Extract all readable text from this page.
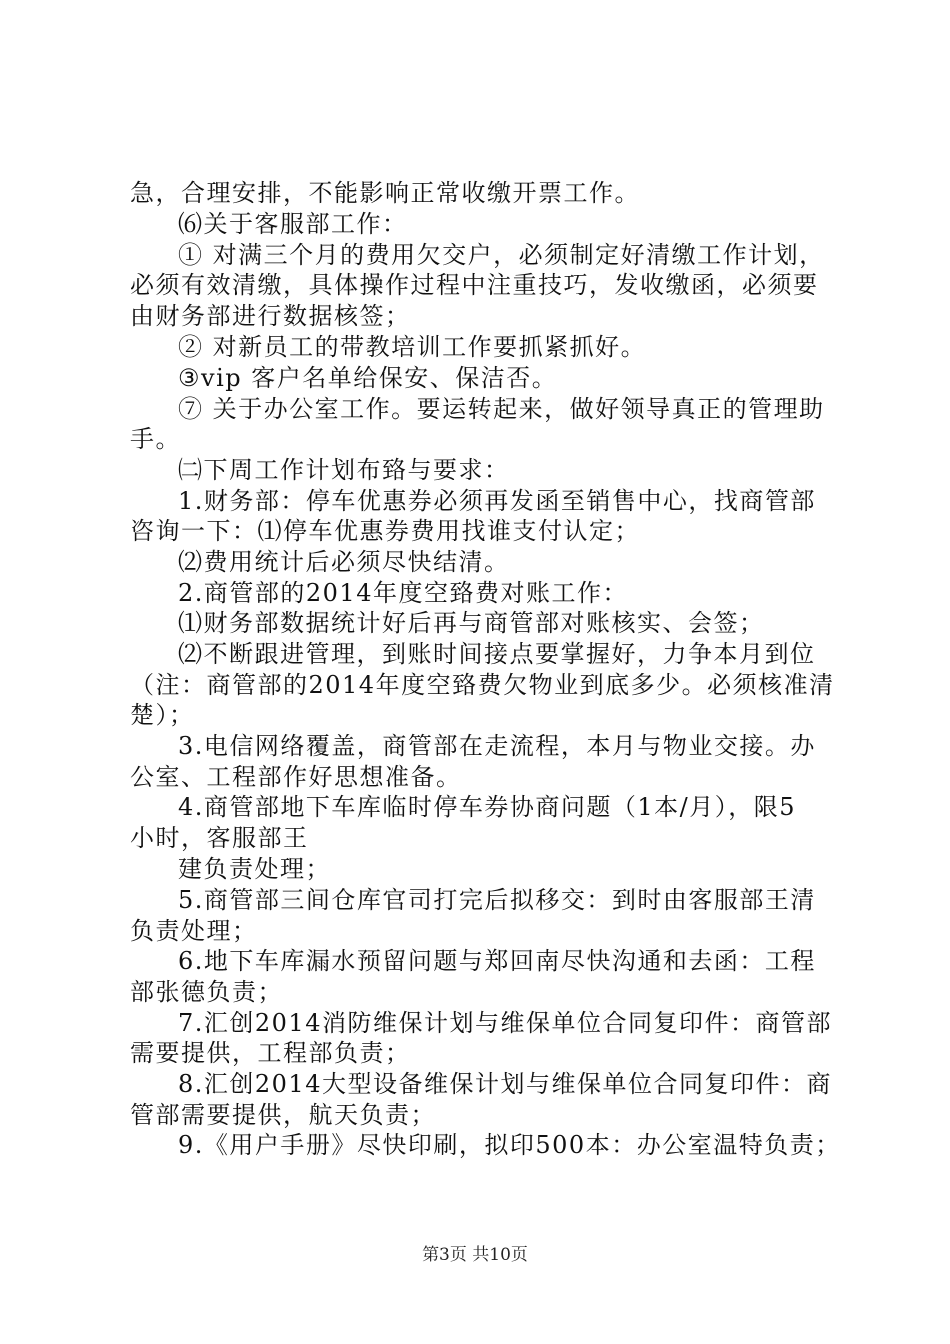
急，合理安排，不能影响正常收缴开票工作。
⑹关于客服部工作：
① 对满三个月的费用欠交户，必须制定好清缴工作计划，
必须有效清缴，具体操作过程中注重技巧，发收缴函，必须要
由财务部进行数据核签；
② 对新员工的带教培训工作要抓紧抓好。
③vip 客户名单给保安、保洁否。
⑦ 关于办公室工作。要运转起来，做好领导真正的管理助
手。
㈡下周工作计划布臵与要求：
1.财务部：停车优惠券必须再发函至销售中心，找商管部
咨询一下：⑴停车优惠券费用找谁支付认定；
⑵费用统计后必须尽快结清。
2.商管部的2014年度空臵费对账工作：
⑴财务部数据统计好后再与商管部对账核实、会签；
⑵不断跟进管理，到账时间接点要掌握好，力争本月到位
（注：商管部的2014年度空臵费欠物业到底多少。必须核准清
楚）；
3.电信网络覆盖，商管部在走流程，本月与物业交接。办
公室、工程部作好思想准备。
4.商管部地下车库临时停车券协商问题（1本/月），限5
小时，客服部王
建负责处理；
5.商管部三间仓库官司打完后拟移交：到时由客服部王清
负责处理；
6.地下车库漏水预留问题与郑回南尽快沟通和去函：工程
部张德负责；
7.汇创2014消防维保计划与维保单位合同复印件：商管部
需要提供，工程部负责；
8.汇创2014大型设备维保计划与维保单位合同复印件：商
管部需要提供，航天负责；
9.《用户手册》尽快印刷，拟印500本：办公室温特负责；
第3页 共10页
